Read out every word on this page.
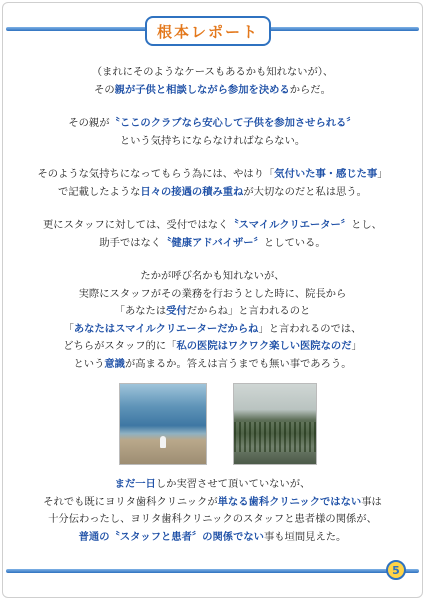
根本レポート
（まれにそのようなケースもあるかも知れないが）、
その親が子供と相談しながら参加を決めるからだ。
その親が〝ここのクラブなら安心して子供を参加させられる〞
という気持ちにならなければならない。
そのような気持ちになってもらう為には、やはり「気付いた事・感じた事」
で記載したような日々の接遇の積み重ねが大切なのだと私は思う。
更にスタッフに対しては、受付ではなく〝スマイルクリエーター〞とし、
助手ではなく〝健康アドバイザー〞としている。
たかが呼び名かも知れないが、
実際にスタッフがその業務を行おうとした時に、院長から
「あなたは受付だからね」と言われるのと
「あなたはスマイルクリエーターだからね」と言われるのでは、
どちらがスタッフ的に「私の医院はワクワク楽しい医院なのだ」
という意識が高まるか。答えは言うまでも無い事であろう。
まだ一日しか実習させて頂いていないが、
それでも既にヨリタ歯科クリニックが単なる歯科クリニックではない事は
十分伝わったし、ヨリタ歯科クリニックのスタッフと患者様の関係が、
普通の〝スタッフと患者〞の関係でない事も垣間見えた。
5
